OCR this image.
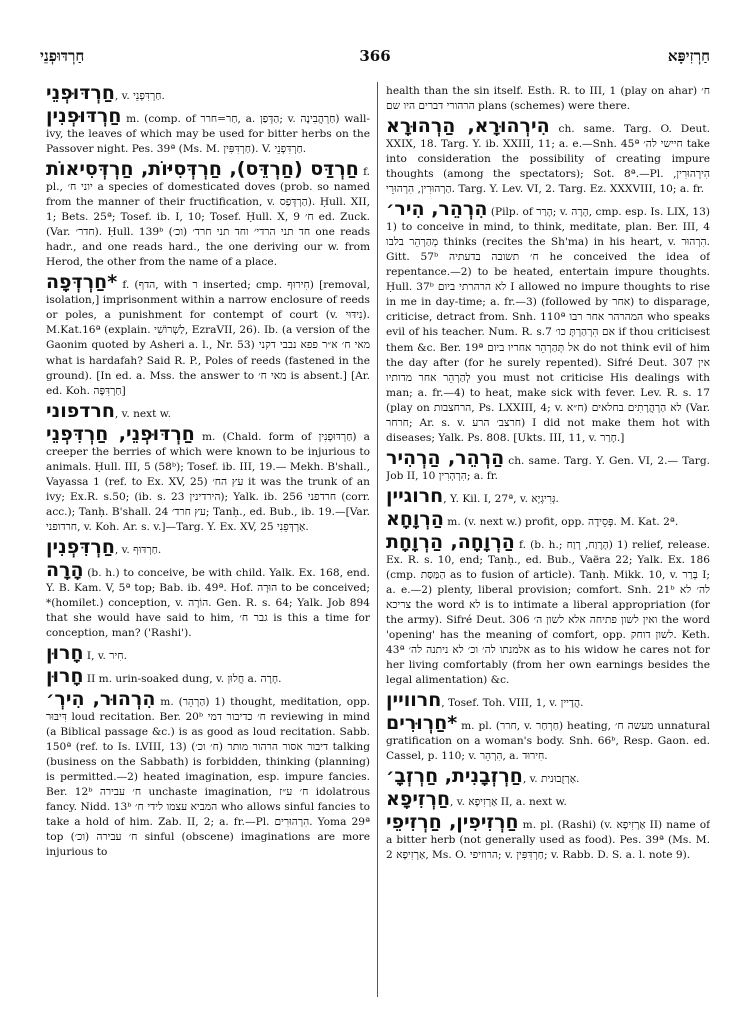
חַרְדּוּפְנֵי	366	חַרְזִיפָּא

חַרְדּוּפְנֵי, v. חַרְדִּפְנֵי.

חַרְדּוּפְנִין m. (comp. of חַר=חרר, a. הַדְּפַן; v. חַרְהֲבִינָה) wall-ivy, the leaves of which may be used for bitter herbs on the Passover night. Pes. 39ª (Ms. M. חַרְדִּפִּין). V. חַרְדִּפְנֵי.

חַרְדַּס (חַרְדֵּס), חַרְדְּסִיּוֹת, חַרְדְּסִיאוֹת f. pl., יוני ח׳ a species of domesticated doves (prob. so named from the manner of their fructification, v. הַרְדְּפַס). Ḥull. XII, 1; Bets. 25ª; Tosef. ib. I, 10; Tosef. Ḥull. X, 9 ח׳ ed. Zuck. (Var. חדר׳). Ḥull. 139ᵇ חד תני הרדי׳ וחד תני חרד׳ (וכ׳) one reads hadr., and one reads hard., the one deriving our w. from Herod, the other from the name of a place.

*חַרְדְּפָה f. (הדף, with ר inserted; cmp. חִירוּף) [removal, isolation,] imprisonment within a narrow enclosure of reeds or poles, a punishment for contempt of court (v. נִידּוּי). M.Kat.16ª (explain. לַשְׁרוֹשִׁי, EzraVII, 26). Ib. (a version of the Gaonim quoted by Asheri a. l., Nr. 53) מאי ח׳ א״ר פפא נבבי דקני what is hardafah? Said R. P., Poles of reeds (fastened in the ground). [In ed. a. Mss. the answer to מאי ח׳ is absent.] [Ar. ed. Koh. חַרְדִּפָּה]

חרדפוני, v. next w.

חַרְדּוּפְנֵי, חַרְדִּפְנֵי m. (Chald. form of חַרְדּוּפְנִין) a creeper the berries of which were known to be injurious to animals. Ḥull. III, 5 (58ᵇ); Tosef. ib. III, 19.— Mekh. B'shall., Vayassa 1 (ref. to Ex. XV, 25) עץ הח׳ it was the trunk of an ivy; Ex.R. s.50; (ib. s. 23 הירדינין); Yalk. ib. 256 חרדפני (corr. acc.); Tanḥ. B'shall. 24 עץ חרד׳; Tanḥ., ed. Bub., ib. 19.—[Var. חרדופני, v. Koh. Ar. s. v.]—Targ. Y. Ex. XV, 25 אַרְדְּפֵנִי.

חַרְדִּפְנִין, v. חַרְדּוּף.

הָרָה (b. h.) to conceive, be with child. Yalk. Ex. 168, end. Y. B. Kam. V, 5ª top; Bab. ib. 49ª. Hof. הוּרָה to be conceived; *(homilet.) conception, v. הוֹרָה. Gen. R. s. 64; Yalk. Job 894 that she would have said to him, גבר ח׳ is this a time for conception, man? ('Rashi').

חָרוּן I, v. חִיר.

חָרוּן II m. urin-soaked dung, v. חֲלוּן a. חָרָה.

הִרְהוּר, הִירְ׳ m. (הַרְהֵר) 1) thought, meditation, opp. דִּיבּוּר loud recitation. Ber. 20ᵇ ח׳ כדיבור דמי reviewing in mind (a Biblical passage &c.) is as good as loud recitation. Sabb. 150ª (ref. to Is. LVIII, 13) דיבור אסור הרהור מותר (ח׳ וכ׳) talking (business on the Sabbath) is forbidden, thinking (planning) is permitted.—2) heated imagination, esp. impure fancies. Ber. 12ᵇ ח׳ עבירה unchaste imagination, ח׳ ע״ז idolatrous fancy. Nidd. 13ᵇ המביא עצמו לידי ח׳ who allows sinful fancies to take a hold of him. Zab. II, 2; a. fr.—Pl. הִרְהוּרִים. Yoma 29ª top ח׳ עבירה (וכ׳) sinful (obscene) imaginations are more injurious to

health than the sin itself. Esth. R. to III, 1 (play on ahar) ח׳ הרהורי דברים היו שם plans (schemes) were there.

הִירְהוּרָא, הַרְהוּרָא ch. same. Targ. O. Deut. XXIX, 18. Targ. Y. ib. XXIII, 11; a. e.—Snh. 45ª חיישי לה׳ take into consideration the possibility of creating impure thoughts (among the spectators); Sot. 8ª.—Pl. הִירְהוּרִין, הַרְהוּרִין, הִרְהוּרֵי. Targ. Y. Lev. VI, 2. Targ. Ez. XXXVIII, 10; a. fr.

הִרְהֵר, הִיר׳ (Pilp. of הָרַר; v. הָרָה, cmp. esp. Is. LIX, 13) 1) to conceive in mind, to think, meditate, plan. Ber. III, 4 מְהַרְהֵר בלבו thinks (recites the Sh'ma) in his heart, v. הִרְהוּר. Gitt. 57ᵇ ח׳ תשובה בדעתיה he conceived the idea of repentance.—2) to be heated, entertain impure thoughts. Ḥull. 37ᵇ לא הרהרתי ביום I allowed no impure thoughts to rise in me in day-time; a. fr.—3) (followed by אחר) to disparage, criticise, detract from. Snh. 110ª המהרהר אחר רבו who speaks evil of his teacher. Num. R. s.7 אם הִרְהַרְתָּ כו׳ if thou criticisest them &c. Ber. 19ª אל תְּהַרְהֵר אחריו ביום do not think evil of him the day after (for he surely repented). Sifré Deut. 307 אין לְהַרְהֵר אחר מדותיו you must not criticise His dealings with man; a. fr.—4) to heat, make sick with fever. Lev. R. s. 17 (play on הרחצבות, Ps. LXXIII, 4; v. ח״א) לא הַרְהֲרָתִים בחלאים (Var. חרחר; Ar. s. v. חרצב׳ הרע) I did not make them hot with diseases; Yalk. Ps. 808. [Ukts. III, 11, v. חָרַר.]

הַרְהֵר, הַרְהִיר ch. same. Targ. Y. Gen. VI, 2.— Targ. Job II, 10 הִרְהְרִין; a. fr.

חרוגיין, Y. Kil. I, 27ª, v. גְּרִיגְיָא.

הַרְוָחָא m. (v. next w.) profit, opp. פְּסֵידָה. M. Kat. 2ª.

הַרְוָחָה, הַרְוָחָת f. (b. h.; הָרֶוַח, רְוַח) 1) relief, release. Ex. R. s. 10, end; Tanḥ., ed. Bub., Vaëra 22; Yalk. Ex. 186 (cmp. הַמַּסַּת as to fusion of article). Tanḥ. Mikk. 10, v. בְּרַר I; a. e.—2) plenty, liberal provision; comfort. Snh. 21ᵇ לה׳ לא צריכא the word לא is to intimate a liberal appropriation (for the army). Sifré Deut. 306 ואין לשון פתיחה אלא לשון ה׳ the word 'opening' has the meaning of comfort, opp. לשון דוחק. Keth. 43ª אלמנתו לה׳ וכ׳ לא ניתנה לה׳ as to his widow he cares not for her living comfortably (from her own earnings besides the legal alimentation) &c.

חרוויין, Tosef. Toh. VIII, 1, v. הֲדָיין.

*חַרְוּרִים m. pl. (חרר, v. חַרְחַר) heating, מעשה ח׳ unnatural gratification on a woman's body. Snh. 66ᵇ, Resp. Gaon. ed. Cassel, p. 110; v. הִרְהֵר, a. חִירוּד.

חַרְזְבָנִית, חַרְזְבָ׳, v. אַרְזֻבוּנית.

חַרְזִיפָא, v. אַרְזִיפָא II, a. next w.

חַרְזִיפִין, חַרְזִיפֵי m. pl. (Rashi) (v. אַרְזִיפָא II) name of a bitter herb (not generally used as food). Pes. 39ª (Ms. M. 2 אַרְזִיפָא, Ms. O. הרוזיפי; v. חַרְדִּפִּין; v. Rabb. D. S. a. l. note 9).
